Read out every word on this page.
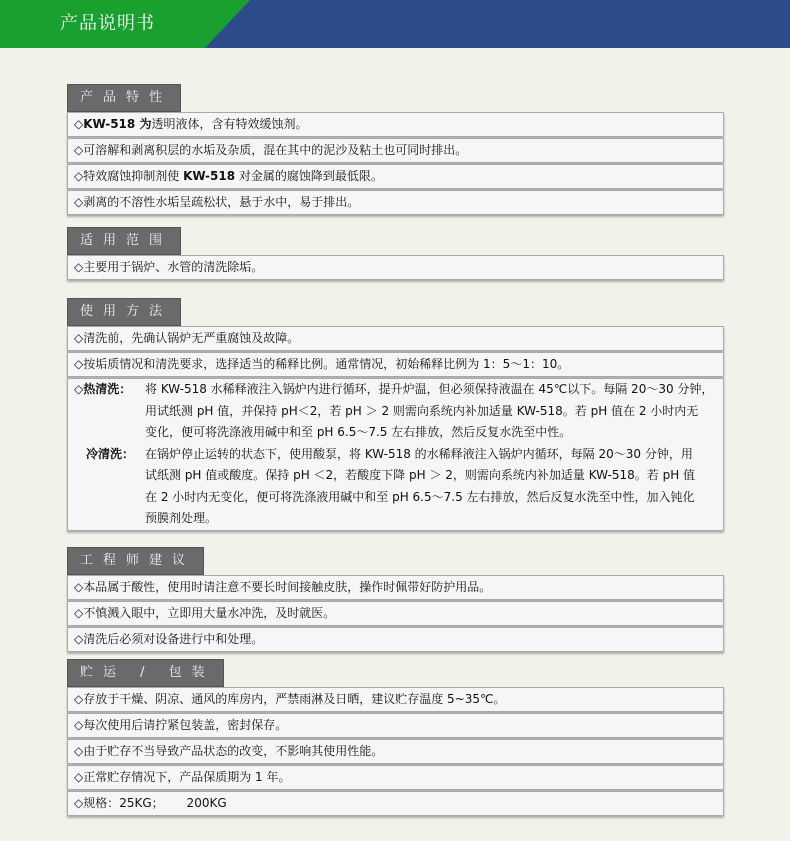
产品说明书
产品特性
◇KW-518 为透明液体，含有特效缓蚀剂。
◇可溶解和剥离积层的水垢及杂质，混在其中的泥沙及粘土也可同时排出。
◇特效腐蚀抑制剂使 KW-518 对金属的腐蚀降到最低限。
◇剥离的不溶性水垢呈疏松状，悬于水中，易于排出。
适用范围
◇主要用于锅炉、水管的清洗除垢。
使用方法
◇清洗前，先确认锅炉无严重腐蚀及故障。
◇按垢质情况和清洗要求，选择适当的稀释比例。通常情况，初始稀释比例为 1：5～1：10。
◇热清洗： 将 KW-518 水稀释液注入锅炉内进行循环，提升炉温，但必须保持液温在 45℃以下。每隔 20～30 分钟，
用试纸测 pH 值，并保持 pH＜2，若 pH ＞ 2 则需向系统内补加适量 KW-518。若 pH 值在 2 小时内无
变化，便可将洗涤液用碱中和至 pH 6.5～7.5 左右排放，然后反复水洗至中性。
冷清洗： 在锅炉停止运转的状态下，使用酸泵，将 KW-518 的水稀释液注入锅炉内循环，每隔 20～30 分钟，用
试纸测 pH 值或酸度。保持 pH ＜2，若酸度下降 pH ＞ 2，则需向系统内补加适量 KW-518。若 pH 值
在 2 小时内无变化，便可将洗涤液用碱中和至 pH 6.5～7.5 左右排放，然后反复水洗至中性，加入钝化
预膜剂处理。
工程师建议
◇本品属于酸性，使用时请注意不要长时间接触皮肤，操作时佩带好防护用品。
◇不慎溅入眼中，立即用大量水冲洗，及时就医。
◇清洗后必须对设备进行中和处理。
贮运 / 包装
◇存放于干燥、阴凉、通风的库房内，严禁雨淋及日晒，建议贮存温度 5~35℃。
◇每次使用后请拧紧包装盖，密封保存。
◇由于贮存不当导致产品状态的改变，不影响其使用性能。
◇正常贮存情况下，产品保质期为 1 年。
◇规格：25KG；      200KG
